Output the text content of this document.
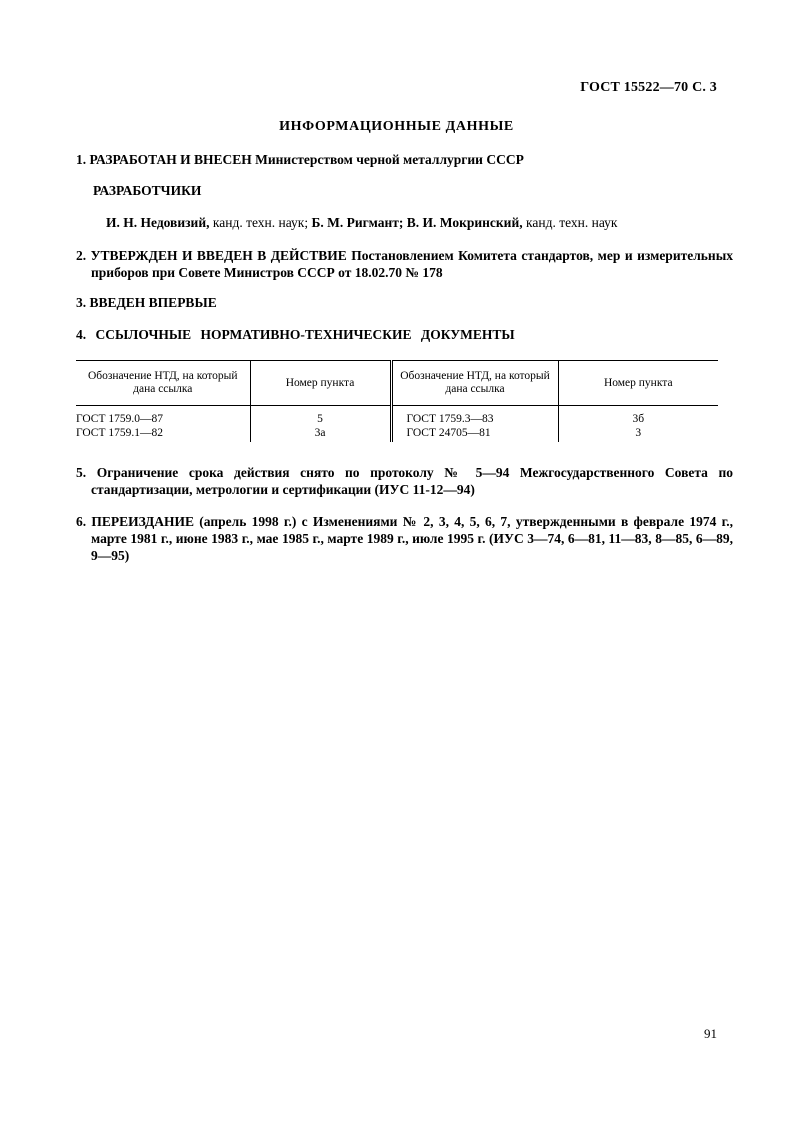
ГОСТ 15522—70 С. 3
ИНФОРМАЦИОННЫЕ ДАННЫЕ
1. РАЗРАБОТАН И ВНЕСЕН Министерством черной металлургии СССР
РАЗРАБОТЧИКИ
И. Н. Недовизий, канд. техн. наук; Б. М. Ригмант; В. И. Мокринский, канд. техн. наук
2. УТВЕРЖДЕН И ВВЕДЕН В ДЕЙСТВИЕ Постановлением Комитета стандартов, мер и измерительных приборов при Совете Министров СССР от 18.02.70 № 178
3. ВВЕДЕН ВПЕРВЫЕ
4. ССЫЛОЧНЫЕ НОРМАТИВНО-ТЕХНИЧЕСКИЕ ДОКУМЕНТЫ
Обозначение НТД, на который дана ссылка	Номер пункта	Обозначение НТД, на который дана ссылка	Номер пункта
ГОСТ 1759.0—87	5	ГОСТ 1759.3—83	3б
ГОСТ 1759.1—82	3а	ГОСТ 24705—81	3
5. Ограничение срока действия снято по протоколу № 5—94 Межгосударственного Совета по стандартизации, метрологии и сертификации (ИУС 11-12—94)
6. ПЕРЕИЗДАНИЕ (апрель 1998 г.) с Изменениями № 2, 3, 4, 5, 6, 7, утвержденными в феврале 1974 г., марте 1981 г., июне 1983 г., мае 1985 г., марте 1989 г., июле 1995 г. (ИУС 3—74, 6—81, 11—83, 8—85, 6—89, 9—95)
91
